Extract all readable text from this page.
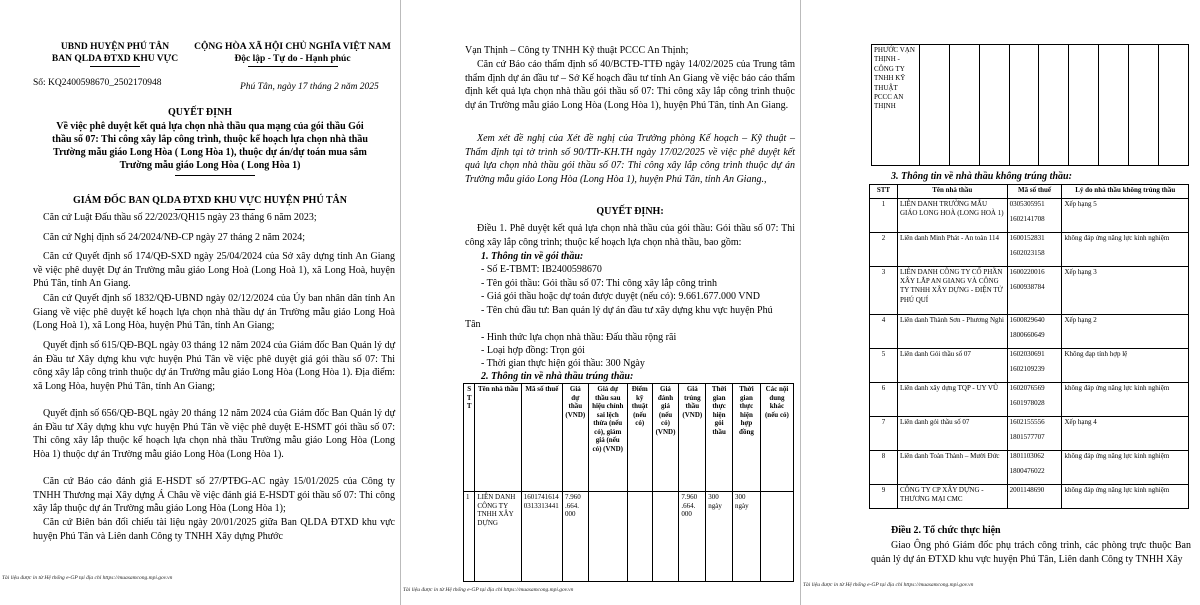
UBND HUYỆN PHÚ TÂN
BAN QLDA ĐTXD KHU VỰC
CỘNG HÒA XÃ HỘI CHỦ NGHĨA VIỆT NAM
Độc lập - Tự do - Hạnh phúc
Số: KQ2400598670_2502170948	Phú Tân, ngày 17 tháng 2 năm 2025
QUYẾT ĐỊNH
Về việc phê duyệt kết quả lựa chọn nhà thầu qua mạng của gói thầu Gói
thầu số 07: Thi công xây lắp công trình, thuộc kế hoạch lựa chọn nhà thầu
Trường mẫu giáo Long Hòa ( Long Hòa 1), thuộc dự án/dự toán mua sắm
Trường mẫu giáo Long Hòa ( Long Hòa 1)
GIÁM ĐỐC BAN QLDA ĐTXD KHU VỰC HUYỆN PHÚ TÂN
Căn cứ Luật Đấu thầu số 22/2023/QH15 ngày 23 tháng 6 năm 2023;
Căn cứ Nghị định số 24/2024/NĐ-CP ngày 27 tháng 2 năm 2024;
Căn cứ Quyết định số 174/QĐ-SXD ngày 25/04/2024 của Sở xây dựng tỉnh An Giang về việc phê duyệt Dự án Trường mẫu giáo Long Hoà (Long Hoà 1), xã Long Hoà, huyện Phú Tân, tỉnh An Giang.
Căn cứ Quyết định số 1832/QĐ-UBND ngày 02/12/2024 của Ủy ban nhân dân tỉnh An Giang về việc phê duyệt kế hoạch lựa chọn nhà thầu dự án Trường mẫu giáo Long Hoà (Long Hoà 1), xã Long Hòa, huyện Phú Tân, tỉnh An Giang;
Quyết định số 615/QĐ-BQL ngày 03 tháng 12 năm 2024 của Giám đốc Ban Quản lý dự án Đầu tư Xây dựng khu vực huyện Phú Tân về việc phê duyệt giá gói thầu số 07: Thi công xây lắp công trình thuộc dự án Trường mẫu giáo Long Hòa (Long Hòa 1). Địa điểm: xã Long Hòa, huyện Phú Tân, tỉnh An Giang;
Quyết định số 656/QĐ-BQL ngày 20 tháng 12 năm 2024 của Giám đốc Ban Quản lý dự án Đầu tư Xây dựng khu vực huyện Phú Tân về việc phê duyệt E-HSMT gói thầu số 07: Thi công xây lắp thuộc kế hoạch lựa chọn nhà thầu Trường mẫu giáo Long Hòa (Long Hòa 1) thuộc dự án Trường mẫu giáo Long Hòa (Long Hòa 1).
Căn cứ Báo cáo đánh giá E-HSDT số 27/PTĐG-AC ngày 15/01/2025 của Công ty TNHH Thương mại Xây dựng Á Châu về việc đánh giá E-HSDT gói thầu số 07: Thi công xây lắp thuộc dự án Trường mẫu giáo Long Hòa (Long Hòa 1);
Căn cứ Biên bản đối chiếu tài liệu ngày 20/01/2025 giữa Ban QLDA ĐTXD khu vực huyện Phú Tân và Liên danh Công ty TNHH Xây dựng Phước
Tài liệu được in từ Hệ thống e-GP tại địa chỉ https://muasamcong.mpi.gov.vn
Vạn Thịnh – Công ty TNHH Kỹ thuật PCCC An Thịnh;
Căn cứ Báo cáo thẩm định số 40/BCTĐ-TTĐ ngày 14/02/2025 của Trung tâm thẩm định dự án đầu tư – Sở Kế hoạch đầu tư tỉnh An Giang về việc báo cáo thẩm định kết quả lựa chọn nhà thầu gói thầu số 07: Thi công xây lắp công trình thuộc dự án Trường mẫu giáo Long Hòa (Long Hòa 1), huyện Phú Tân, tỉnh An Giang.
Xem xét đề nghị của Xét đề nghị của Trưởng phòng Kế hoạch – Kỹ thuật – Thẩm định tại tờ trình số 90/TTr-KH.TH ngày 17/02/2025 về việc phê duyệt kết quả lựa chọn nhà thầu gói thầu số 07: Thi công xây lắp công trình thuộc dự án Trường mẫu giáo Long Hòa (Long Hòa 1), huyện Phú Tân, tỉnh An Giang.,
QUYẾT ĐỊNH:
Điều 1. Phê duyệt kết quả lựa chọn nhà thầu của gói thầu: Gói thầu số 07: Thi công xây lắp công trình; thuộc kế hoạch lựa chọn nhà thầu, bao gồm:
1. Thông tin về gói thầu:
- Số E-TBMT: IB2400598670
- Tên gói thầu: Gói thầu số 07: Thi công xây lắp công trình
- Giá gói thầu hoặc dự toán được duyệt (nếu có): 9.661.677.000 VND
- Tên chủ đầu tư: Ban quản lý dự án đầu tư xây dựng khu vực huyện Phú
Tân
- Hình thức lựa chọn nhà thầu: Đấu thầu rộng rãi
- Loại hợp đồng: Trọn gói
- Thời gian thực hiện gói thầu: 300 Ngày
2. Thông tin về nhà thầu trúng thầu:
S T T	Tên nhà thầu	Mã số thuế	Giá dự thầu (VND)	Giá dự thầu sau hiệu chỉnh sai lệch thừa (nếu có), giảm giá (nếu có) (VND)	Điểm kỹ thuật (nếu có)	Giá đánh giá (nếu có) (VND)	Giá trúng thầu (VND)	Thời gian thực hiện gói thầu	Thời gian thực hiện hợp đồng	Các nội dung khác (nếu có)
1	LIÊN DANH CÔNG TY TNHH XÂY DỰNG	1601741614 0313313441	7.960 .664. 000				7.960 .664. 000	300 ngày	300 ngày	
Tài liệu được in từ Hệ thống e-GP tại địa chỉ https://muasamcong.mpi.gov.vn
PHƯỚC VẠN THỊNH - CÔNG TY TNHH KỸ THUẬT PCCC AN THỊNH									
3. Thông tin về nhà thầu không trúng thầu:
STT	Tên nhà thầu	Mã số thuế	Lý do nhà thầu không trúng thầu
1	LIÊN DANH TRƯỜNG MẪU GIÁO LONG HOÀ (LONG HOÀ 1)	0305305951
1602141708	Xếp hạng 5
2	Liên danh Minh Phát - An toàn 114	1600152831
1602023158	không đáp ứng năng lực kinh nghiệm
3	LIÊN DANH CÔNG TY CỔ PHẦN XÂY LẮP AN GIANG VÀ CÔNG TY TNHH XÂY DỰNG - ĐIỆN TỬ PHÚ QUÍ	1600220016
1600938784	Xếp hạng 3
4	Liên danh Thành Sơn - Phương Nghi	1600829640
1800660649	Xếp hạng 2
5	Liên danh Gói thầu số 07	1602030691
1602109239	Không đạp tính hợp lệ
6	Liên danh xây dựng TQP - UY VŨ	1602076569
1601978028	không đáp ứng năng lực kinh nghiệm
7	Liên danh gói thầu số 07	1602155556
1801577707	Xếp hạng 4
8	Liên danh Toàn Thành – Mười Đức	1801103062
1800476022	không đáp ứng năng lực kinh nghiệm
9	CÔNG TY CP XÂY DỰNG - THƯƠNG MẠI CMC	2001148690	không đáp ứng năng lực kinh nghiệm
Điều 2. Tổ chức thực hiện
Giao Ông phó Giám đốc phụ trách công trình, các phòng trực thuộc Ban quản lý dự án ĐTXD khu vực huyện Phú Tân, Liên danh Công ty TNHH Xây
Tài liệu được in từ Hệ thống e-GP tại địa chỉ https://muasamcong.mpi.gov.vn
